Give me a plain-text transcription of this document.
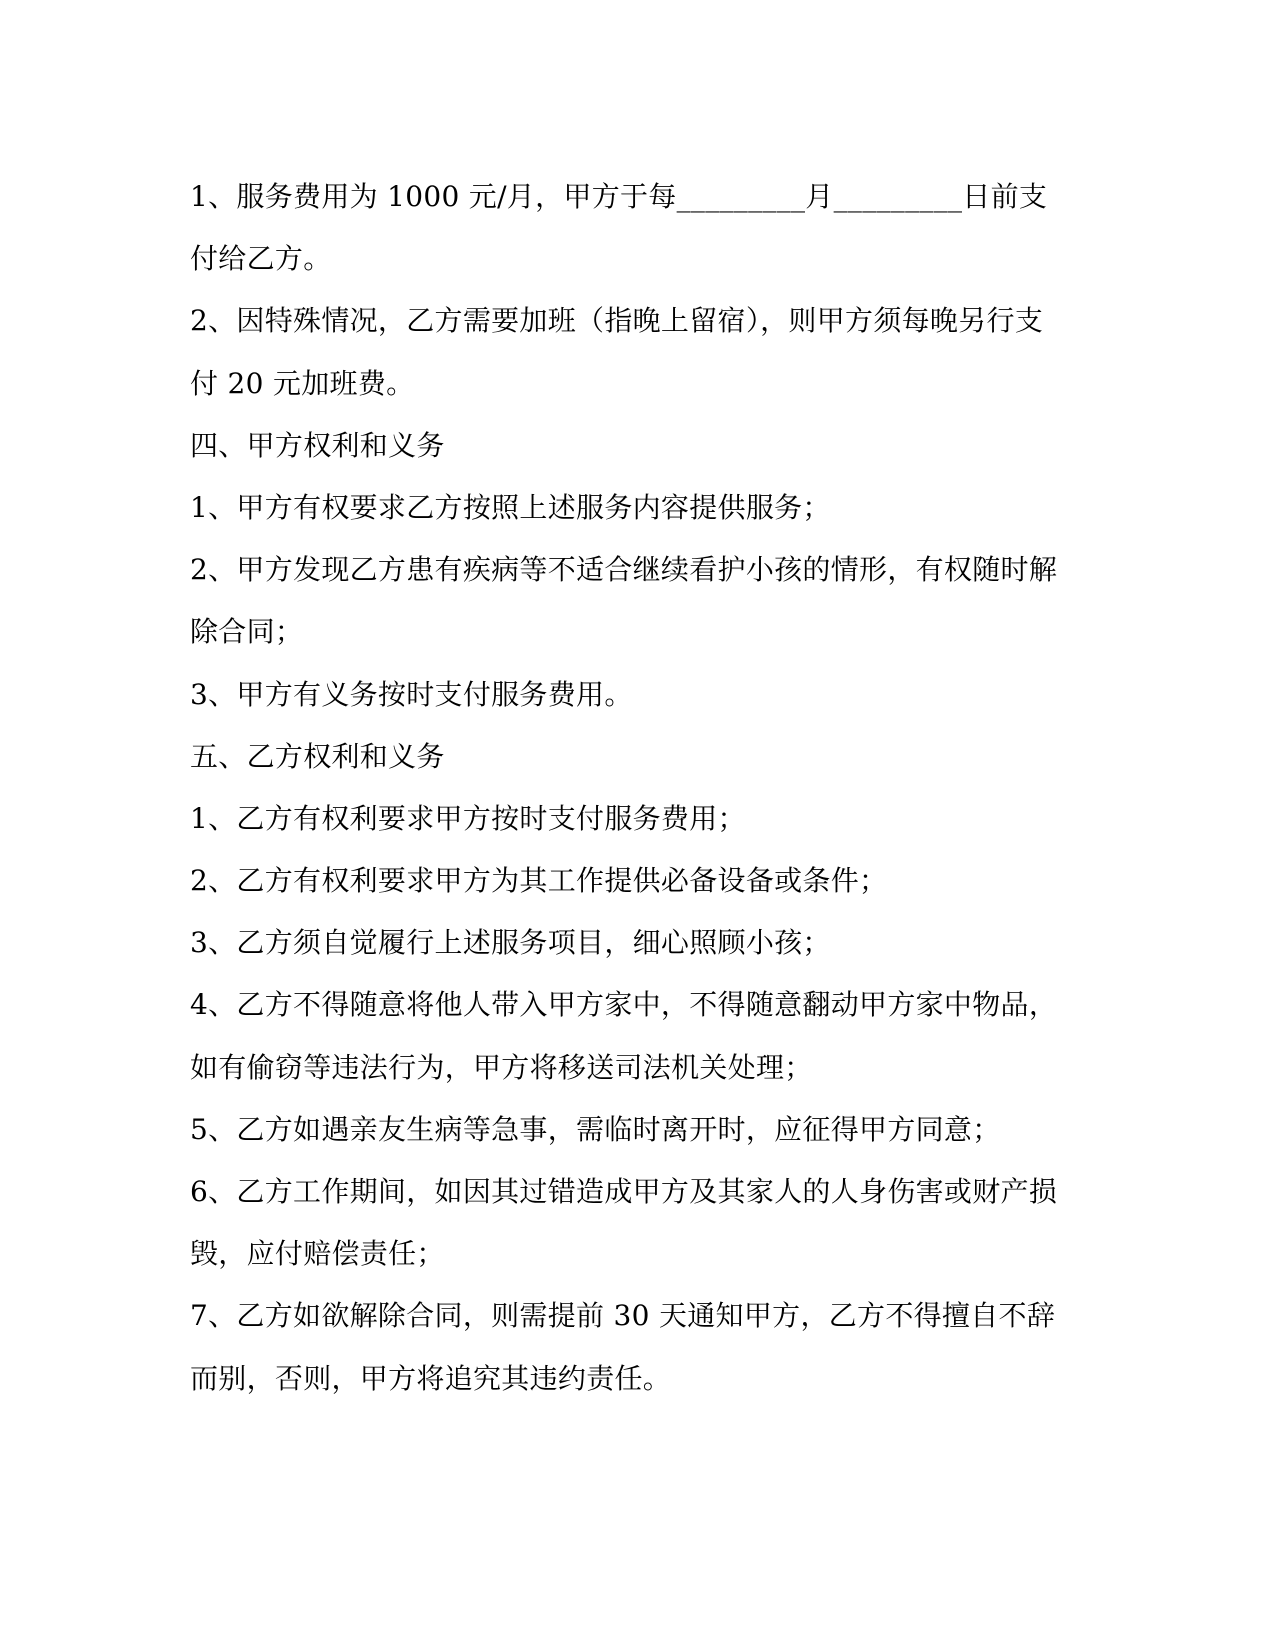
1、服务费用为 1000 元/月，甲方于每_________月_________日前支
付给乙方。
2、因特殊情况，乙方需要加班（指晚上留宿），则甲方须每晚另行支
付 20 元加班费。
四、甲方权利和义务
1、甲方有权要求乙方按照上述服务内容提供服务；
2、甲方发现乙方患有疾病等不适合继续看护小孩的情形，有权随时解
除合同；
3、甲方有义务按时支付服务费用。
五、乙方权利和义务
1、乙方有权利要求甲方按时支付服务费用；
2、乙方有权利要求甲方为其工作提供必备设备或条件；
3、乙方须自觉履行上述服务项目，细心照顾小孩；
4、乙方不得随意将他人带入甲方家中，不得随意翻动甲方家中物品，
如有偷窃等违法行为，甲方将移送司法机关处理；
5、乙方如遇亲友生病等急事，需临时离开时，应征得甲方同意；
6、乙方工作期间，如因其过错造成甲方及其家人的人身伤害或财产损
毁，应付赔偿责任；
7、乙方如欲解除合同，则需提前 30 天通知甲方，乙方不得擅自不辞
而别，否则，甲方将追究其违约责任。
